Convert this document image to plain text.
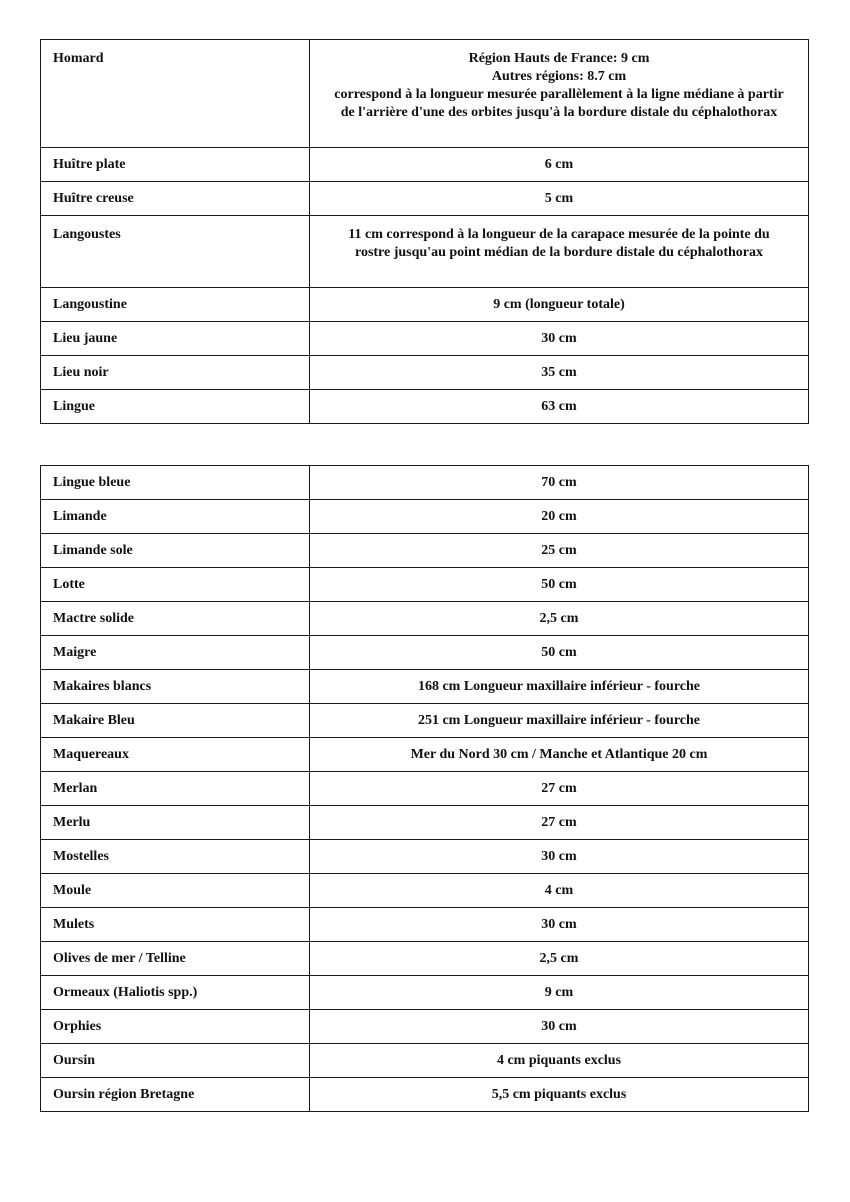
Homard	Région Hauts de France: 9 cm
Autres régions: 8.7 cm
correspond à la longueur mesurée parallèlement à la ligne médiane à partir de l'arrière d'une des orbites jusqu'à la bordure distale du céphalothorax

Huître plate	6 cm
Huître creuse	5 cm
Langoustes	11 cm correspond à la longueur de la carapace mesurée de la pointe du rostre jusqu'au point médian de la bordure distale du céphalothorax

Langoustine	9 cm (longueur totale)
Lieu jaune	30 cm
Lieu noir	35 cm
Lingue	63 cm
Lingue bleue	70 cm
Limande	20 cm
Limande sole	25 cm
Lotte	50 cm
Mactre solide	2,5 cm
Maigre	50 cm
Makaires blancs	168 cm Longueur maxillaire inférieur - fourche
Makaire Bleu	251 cm Longueur maxillaire inférieur - fourche
Maquereaux	Mer du Nord 30 cm / Manche et Atlantique 20 cm
Merlan	27 cm
Merlu	27 cm
Mostelles	30 cm
Moule	4 cm
Mulets	30 cm
Olives de mer / Telline	2,5 cm
Ormeaux (Haliotis spp.)	9 cm
Orphies	30 cm
Oursin	4 cm piquants exclus
Oursin région Bretagne	5,5 cm piquants exclus
